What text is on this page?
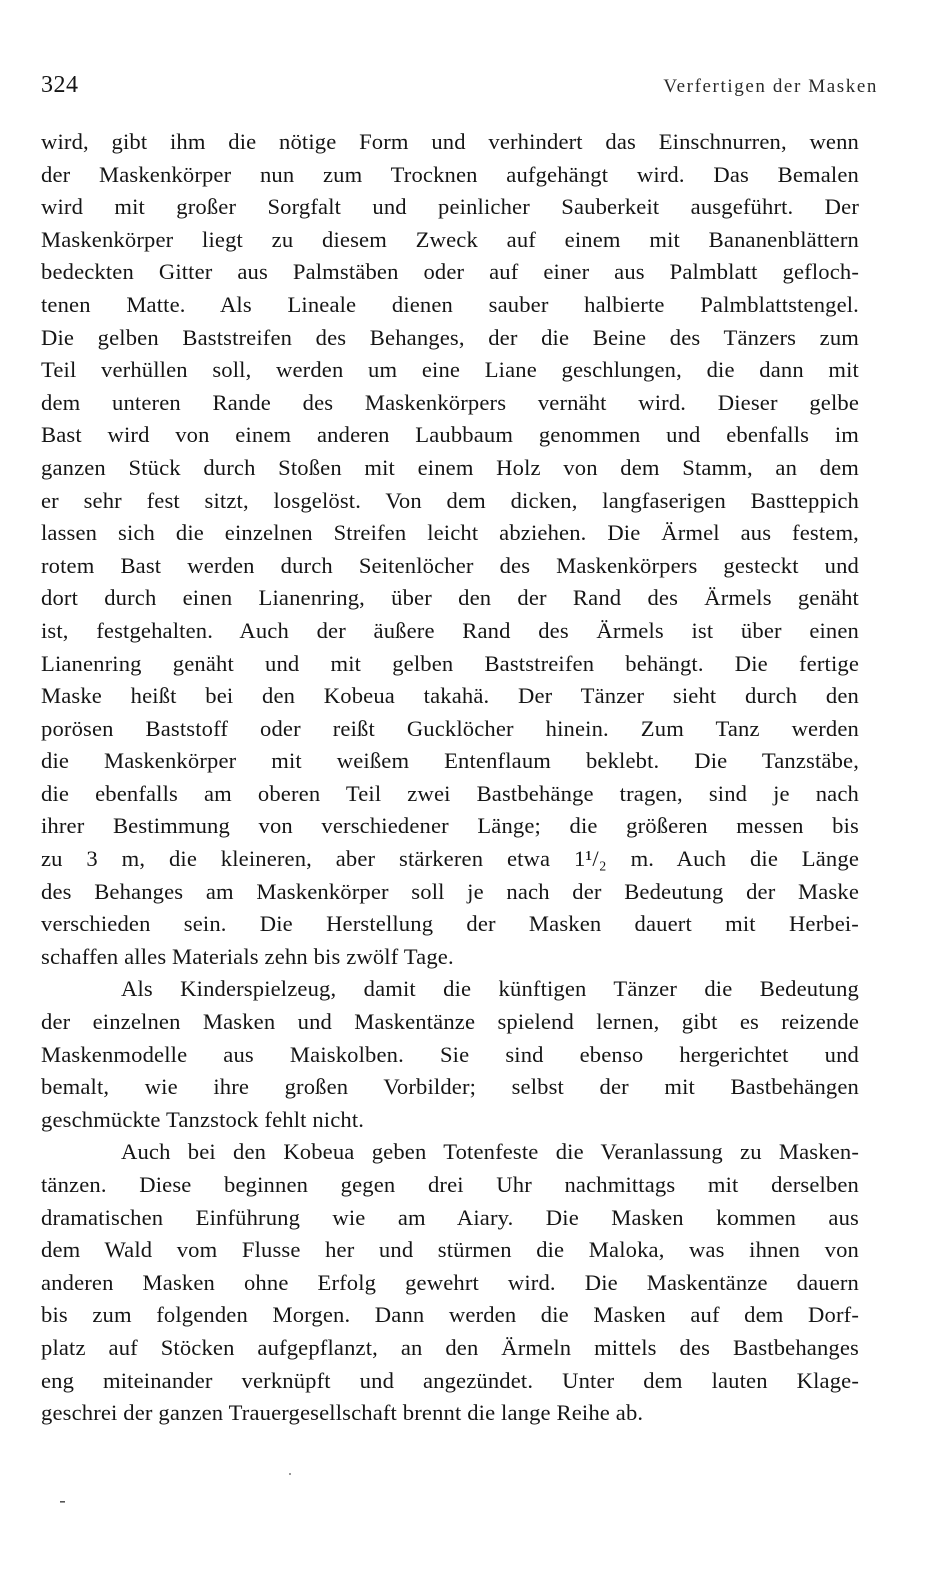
324	Verfertigen der Masken
wird, gibt ihm die nötige Form und verhindert das Einschnurren, wenn
der Maskenkörper nun zum Trocknen aufgehängt wird. Das Bemalen
wird mit großer Sorgfalt und peinlicher Sauberkeit ausgeführt. Der
Maskenkörper liegt zu diesem Zweck auf einem mit Bananenblättern
bedeckten Gitter aus Palmstäben oder auf einer aus Palmblatt gefloch-
tenen Matte. Als Lineale dienen sauber halbierte Palmblattstengel.
Die gelben Baststreifen des Behanges, der die Beine des Tänzers zum
Teil verhüllen soll, werden um eine Liane geschlungen, die dann mit
dem unteren Rande des Maskenkörpers vernäht wird. Dieser gelbe
Bast wird von einem anderen Laubbaum genommen und ebenfalls im
ganzen Stück durch Stoßen mit einem Holz von dem Stamm, an dem
er sehr fest sitzt, losgelöst. Von dem dicken, langfaserigen Bastteppich
lassen sich die einzelnen Streifen leicht abziehen. Die Ärmel aus festem,
rotem Bast werden durch Seitenlöcher des Maskenkörpers gesteckt und
dort durch einen Lianenring, über den der Rand des Ärmels genäht
ist, festgehalten. Auch der äußere Rand des Ärmels ist über einen
Lianenring genäht und mit gelben Baststreifen behängt. Die fertige
Maske heißt bei den Kobeua takahä. Der Tänzer sieht durch den
porösen Baststoff oder reißt Gucklöcher hinein. Zum Tanz werden
die Maskenkörper mit weißem Entenflaum beklebt. Die Tanzstäbe,
die ebenfalls am oberen Teil zwei Bastbehänge tragen, sind je nach
ihrer Bestimmung von verschiedener Länge; die größeren messen bis
zu 3 m, die kleineren, aber stärkeren etwa 1¹/₂ m. Auch die Länge
des Behanges am Maskenkörper soll je nach der Bedeutung der Maske
verschieden sein. Die Herstellung der Masken dauert mit Herbei-
schaffen alles Materials zehn bis zwölf Tage.
Als Kinderspielzeug, damit die künftigen Tänzer die Bedeutung
der einzelnen Masken und Maskentänze spielend lernen, gibt es reizende
Maskenmodelle aus Maiskolben. Sie sind ebenso hergerichtet und
bemalt, wie ihre großen Vorbilder; selbst der mit Bastbehängen
geschmückte Tanzstock fehlt nicht.
Auch bei den Kobeua geben Totenfeste die Veranlassung zu Masken-
tänzen. Diese beginnen gegen drei Uhr nachmittags mit derselben
dramatischen Einführung wie am Aiary. Die Masken kommen aus
dem Wald vom Flusse her und stürmen die Maloka, was ihnen von
anderen Masken ohne Erfolg gewehrt wird. Die Maskentänze dauern
bis zum folgenden Morgen. Dann werden die Masken auf dem Dorf-
platz auf Stöcken aufgepflanzt, an den Ärmeln mittels des Bastbehanges
eng miteinander verknüpft und angezündet. Unter dem lauten Klage-
geschrei der ganzen Trauergesellschaft brennt die lange Reihe ab.
